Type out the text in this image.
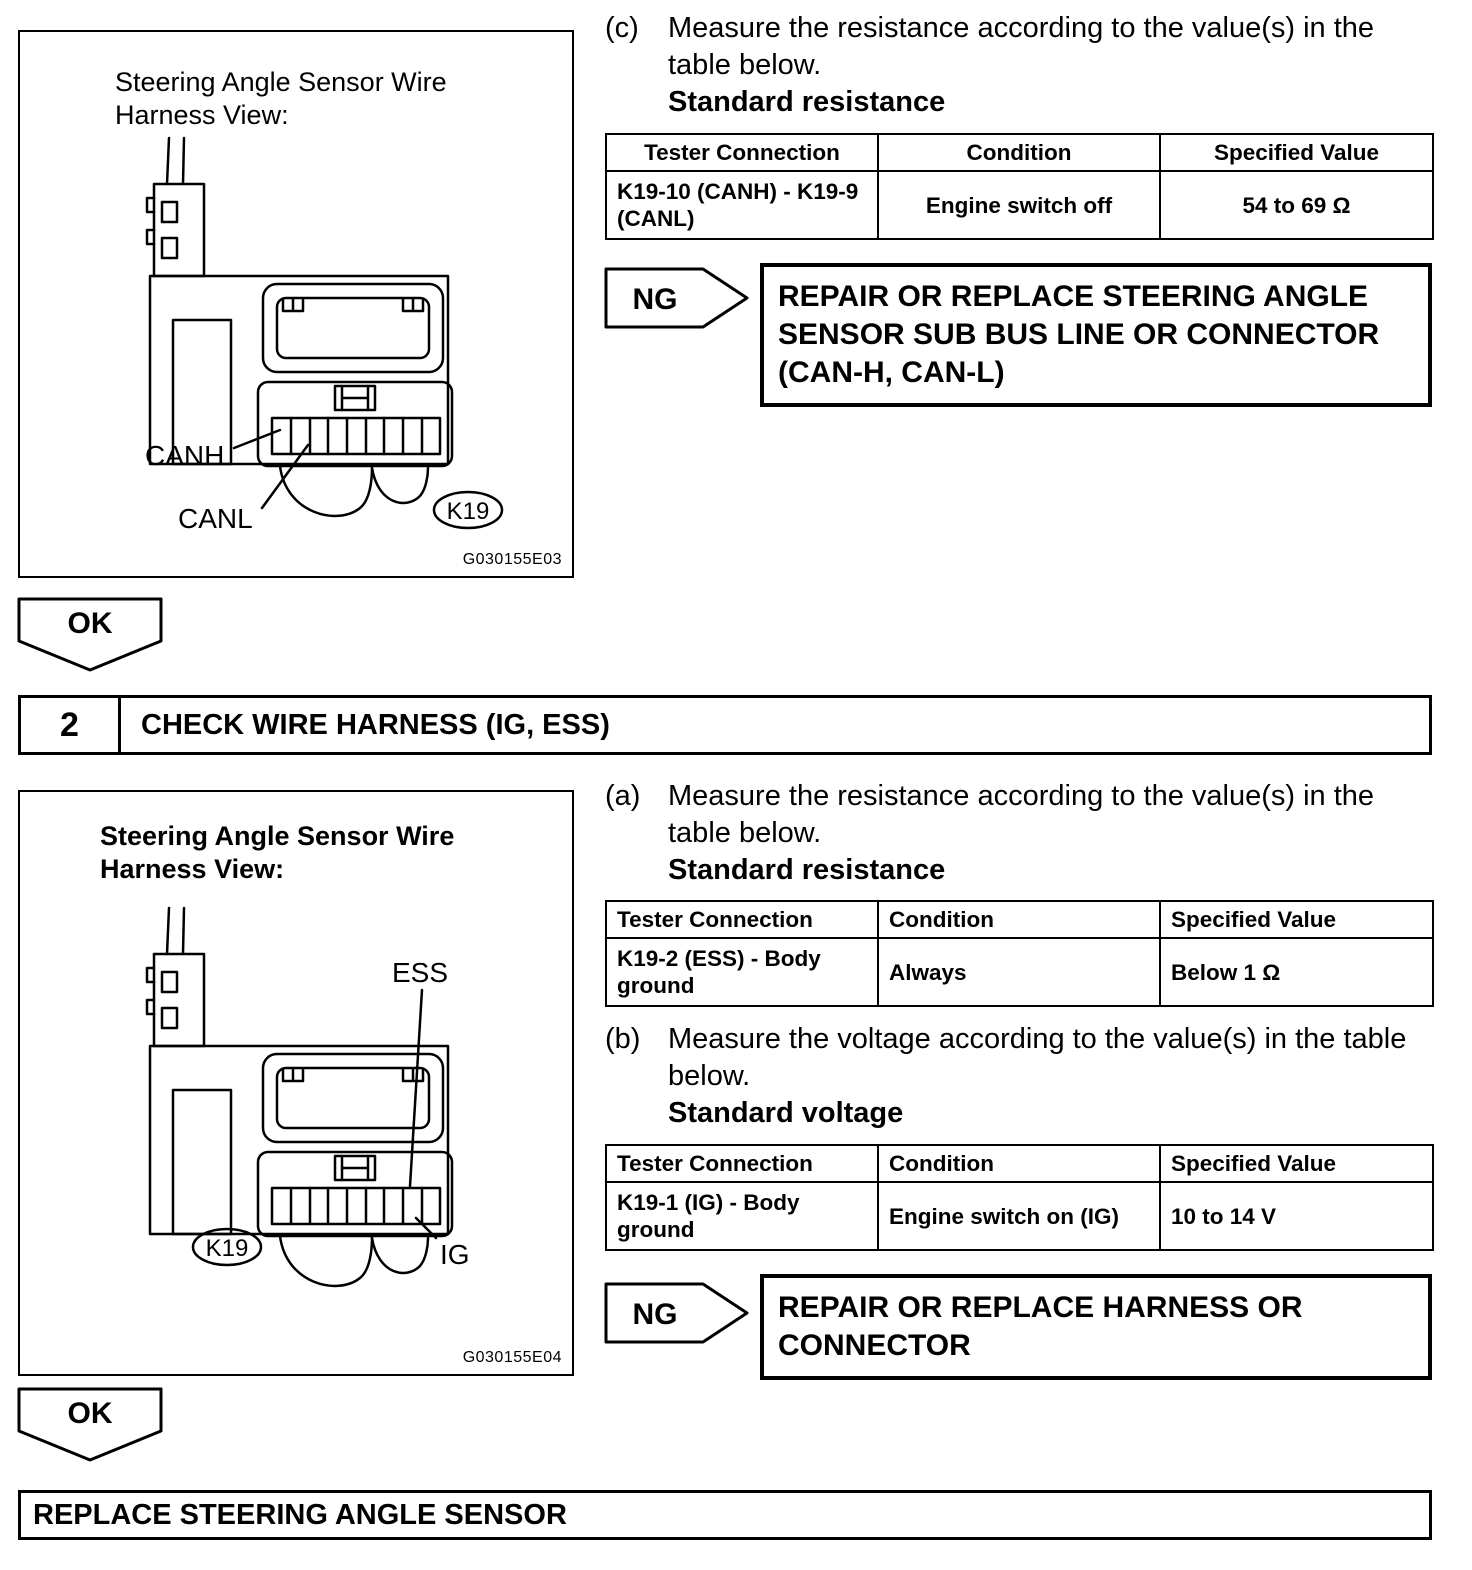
Steering Angle Sensor Wire
Harness View:
CANH
CANL	K19
G030155E03
(c)	Measure the resistance according to the value(s) in the table below.
Standard resistance
Tester Connection	Condition	Specified Value
K19-10 (CANH) - K19-9 (CANL)	Engine switch off	54 to 69 Ω
NG	REPAIR OR REPLACE STEERING ANGLE SENSOR SUB BUS LINE OR CONNECTOR (CAN-H, CAN-L)
OK
2	CHECK WIRE HARNESS (IG, ESS)
Steering Angle Sensor Wire
Harness View:
ESS
IG
K19
G030155E04
(a) Measure the resistance according to the value(s) in the table below.
Standard resistance
Tester Connection	Condition	Specified Value
K19-2 (ESS) - Body ground	Always	Below 1 Ω
(b) Measure the voltage according to the value(s) in the table below.
Standard voltage
Tester Connection	Condition	Specified Value
K19-1 (IG) - Body ground	Engine switch on (IG)	10 to 14 V
NG	REPAIR OR REPLACE HARNESS OR CONNECTOR
OK
REPLACE STEERING ANGLE SENSOR
